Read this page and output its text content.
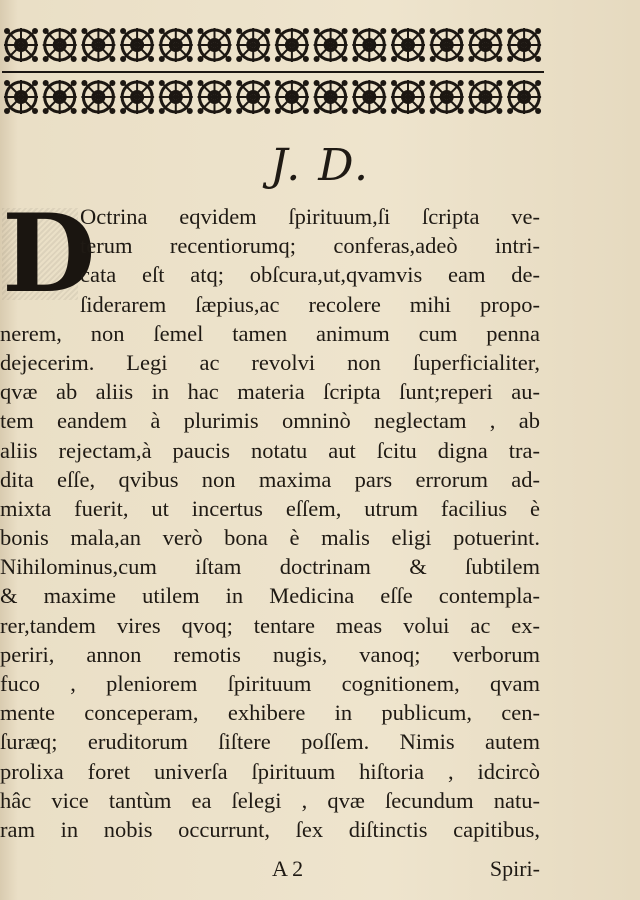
J. D.
D
Octrina eqvidem ſpirituum,ſi ſcripta ve-
terum recentiorumq; conferas,adeò intri-
cata eſt atq; obſcura,ut,qvamvis eam de-
ſiderarem ſæpius,ac recolere mihi propo-
nerem, non ſemel tamen animum cum penna
dejecerim. Legi ac revolvi non ſuperficialiter,
qvæ ab aliis in hac materia ſcripta ſunt;reperi au-
tem eandem à plurimis omninò neglectam , ab
aliis rejectam,à paucis notatu aut ſcitu digna tra-
dita eſſe, qvibus non maxima pars errorum ad-
mixta fuerit, ut incertus eſſem, utrum facilius è
bonis mala,an verò bona è malis eligi potuerint.
Nihilominus,cum iſtam doctrinam & ſubtilem
& maxime utilem in Medicina eſſe contempla-
rer,tandem vires qvoq; tentare meas volui ac ex-
periri, annon remotis nugis, vanoq; verborum
fuco , pleniorem ſpirituum cognitionem, qvam
mente conceperam, exhibere in publicum, cen-
ſuræq; eruditorum ſiſtere poſſem. Nimis autem
prolixa foret univerſa ſpirituum hiſtoria , idcircò
hâc vice tantùm ea ſelegi , qvæ ſecundum natu-
ram in nobis occurrunt, ſex diſtinctis capitibus,
A 2	Spiri-
